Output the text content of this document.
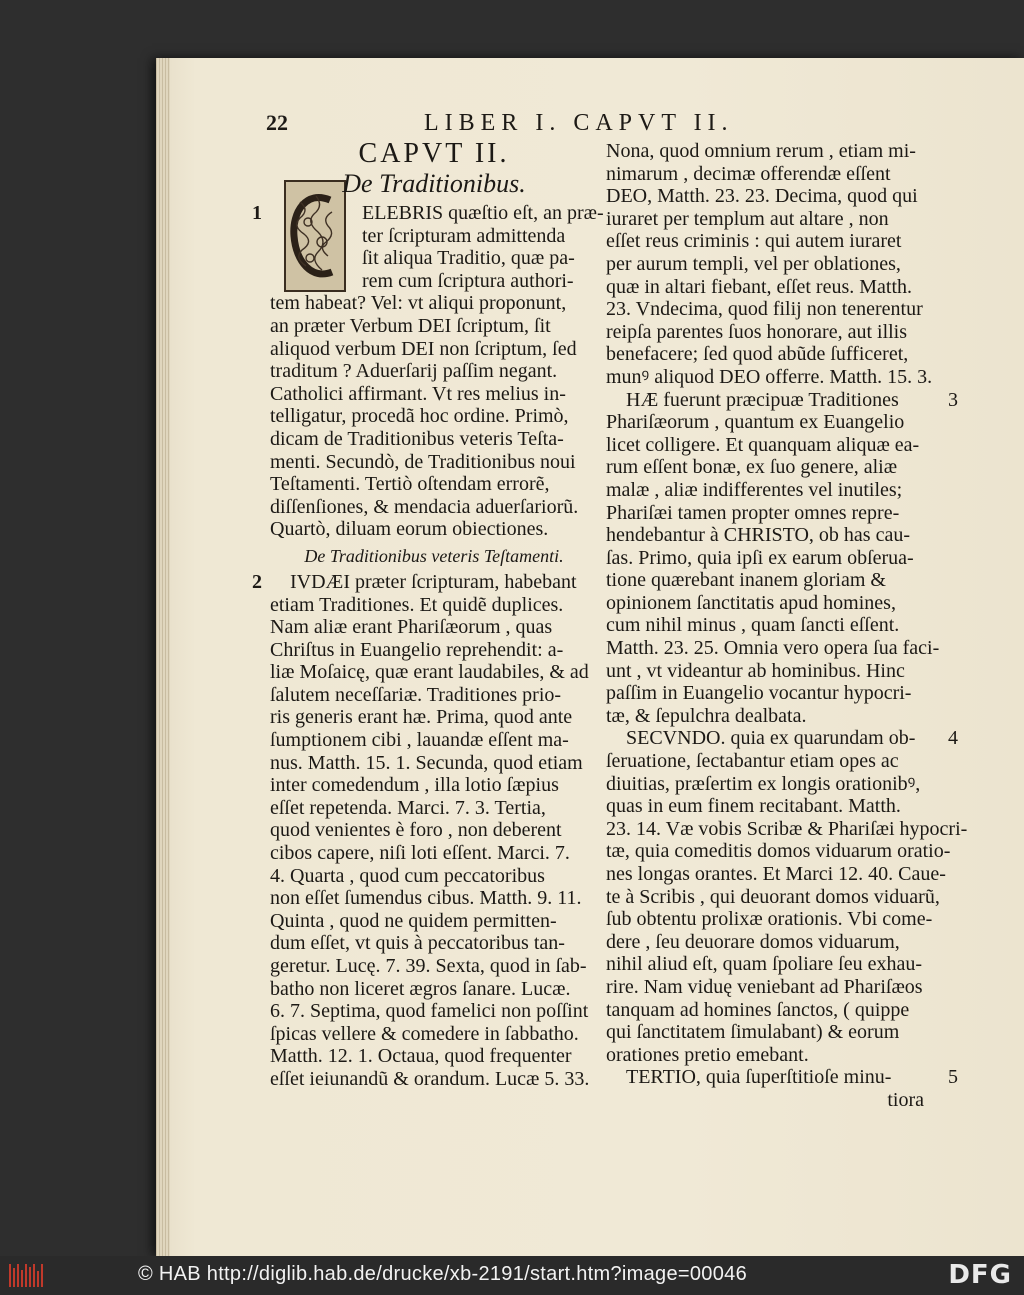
22	LIBER I. CAPVT II.
CAPVT II.
De Traditionibus.
ELEBRIS quæſtio eſt, an præ-
1
ter ſcripturam admittenda
ſit aliqua Traditio, quæ pa-
rem cum ſcriptura authori-
tem habeat? Vel: vt aliqui proponunt,
an præter Verbum DEI ſcriptum, ſit
aliquod verbum DEI non ſcriptum, ſed
traditum ? Aduerſarij paſſim negant.
Catholici affirmant. Vt res melius in-
telligatur, procedã hoc ordine. Primò,
dicam de Traditionibus veteris Teſta-
menti. Secundò, de Traditionibus noui
Teſtamenti. Tertiò oſtendam errorẽ,
diſſenſiones, & mendacia aduerſariorũ.
Quartò, diluam eorum obiectiones.
De Traditionibus veteris Teſtamenti.
IVDÆI præter ſcripturam, habebant
2
etiam Traditiones. Et quidẽ duplices.
Nam aliæ erant Phariſæorum , quas
Chriſtus in Euangelio reprehendit: a-
liæ Moſaicę, quæ erant laudabiles, & ad
ſalutem neceſſariæ. Traditiones prio-
ris generis erant hæ. Prima, quod ante
ſumptionem cibi , lauandæ eſſent ma-
nus. Matth. 15. 1. Secunda, quod etiam
inter comedendum , illa lotio ſæpius
eſſet repetenda. Marci. 7. 3. Tertia,
quod venientes è foro , non deberent
cibos capere, niſi loti eſſent. Marci. 7.
4. Quarta , quod cum peccatoribus
non eſſet ſumendus cibus. Matth. 9. 11.
Quinta , quod ne quidem permitten-
dum eſſet, vt quis à peccatoribus tan-
geretur. Lucę. 7. 39. Sexta, quod in ſab-
batho non liceret ægros ſanare. Lucæ.
6. 7. Septima, quod famelici non poſſint
ſpicas vellere & comedere in ſabbatho.
Matth. 12. 1. Octaua, quod frequenter
eſſet ieiunandũ & orandum. Lucæ 5. 33.
Nona, quod omnium rerum , etiam mi-
nimarum , decimæ offerendæ eſſent
DEO, Matth. 23. 23. Decima, quod qui
iuraret per templum aut altare , non
eſſet reus criminis : qui autem iuraret
per aurum templi, vel per oblationes,
quæ in altari fiebant, eſſet reus. Matth.
23. Vndecima, quod filij non tenerentur
reipſa parentes ſuos honorare, aut illis
benefacere; ſed quod abũde ſufficeret,
munꝰ aliquod DEO offerre. Matth. 15. 3.
HÆ fuerunt præcipuæ Traditiones 3
Phariſæorum , quantum ex Euangelio
licet colligere. Et quanquam aliquæ ea-
rum eſſent bonæ, ex ſuo genere, aliæ
malæ , aliæ indifferentes vel inutiles;
Phariſæi tamen propter omnes repre-
hendebantur à CHRISTO, ob has cau-
ſas. Primo, quia ipſi ex earum obſerua-
tione quærebant inanem gloriam &
opinionem ſanctitatis apud homines,
cum nihil minus , quam ſancti eſſent.
Matth. 23. 25. Omnia vero opera ſua faci-
unt , vt videantur ab hominibus. Hinc
paſſim in Euangelio vocantur hypocri-
tæ, & ſepulchra dealbata.
SECVNDO. quia ex quarundam ob- 4
ſeruatione, ſectabantur etiam opes ac
diuitias, præſertim ex longis orationibꝰ,
quas in eum finem recitabant. Matth.
23. 14. Væ vobis Scribæ & Phariſæi hypocri-
tæ, quia comeditis domos viduarum oratio-
nes longas orantes. Et Marci 12. 40. Caue-
te à Scribis , qui deuorant domos viduarũ,
ſub obtentu prolixæ orationis. Vbi come-
dere , ſeu deuorare domos viduarum,
nihil aliud eſt, quam ſpoliare ſeu exhau-
rire. Nam viduę veniebant ad Phariſæos
tanquam ad homines ſanctos, ( quippe
qui ſanctitatem ſimulabant) & eorum
orationes pretio emebant.
TERTIO, quia ſuperſtitioſe minu-	5
tiora
© HAB http://diglib.hab.de/drucke/xb-2191/start.htm?image=00046	DFG
